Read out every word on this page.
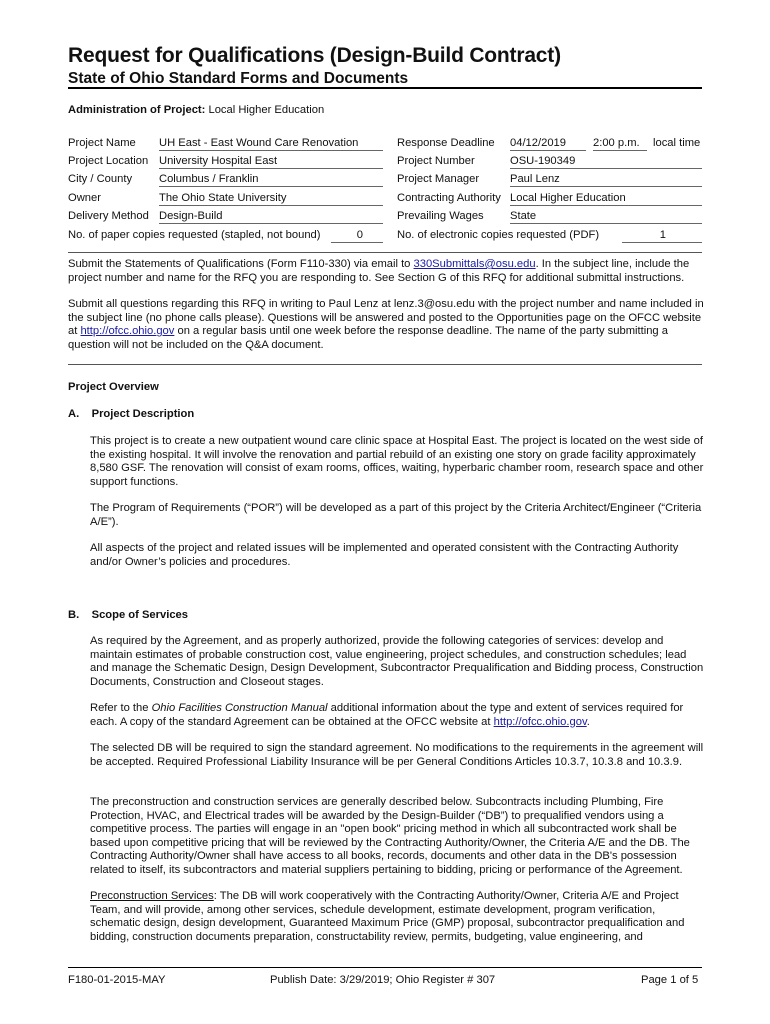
Request for Qualifications (Design-Build Contract)
State of Ohio Standard Forms and Documents
Administration of Project: Local Higher Education
Project Name UH East - East Wound Care Renovation
Project Location University Hospital East
City / County Columbus / Franklin
Owner	The Ohio State University
Delivery Method Design-Build
No. of paper copies requested (stapled, not bound)	0
Response Deadline 04/12/2019	2:00 p.m.	local time
Project Number	OSU-190349
Project Manager	Paul Lenz
Contracting Authority Local Higher Education
Prevailing Wages State
No. of electronic copies requested (PDF)	1
Submit the Statements of Qualifications (Form F110-330) via email to 330Submittals@osu.edu. In the subject line, include the project number and name for the RFQ you are responding to. See Section G of this RFQ for additional submittal instructions.
Submit all questions regarding this RFQ in writing to Paul Lenz at lenz.3@osu.edu with the project number and name included in the subject line (no phone calls please). Questions will be answered and posted to the Opportunities page on the OFCC website at http://ofcc.ohio.gov on a regular basis until one week before the response deadline. The name of the party submitting a question will not be included on the Q&A document.
Project Overview
A.    Project Description
This project is to create a new outpatient wound care clinic space at Hospital East. The project is located on the west side of the existing hospital. It will involve the renovation and partial rebuild of an existing one story on grade facility approximately 8,580 GSF. The renovation will consist of exam rooms, offices, waiting, hyperbaric chamber room, research space and other support functions.
The Program of Requirements (“POR”) will be developed as a part of this project by the Criteria Architect/Engineer (“Criteria A/E”).
All aspects of the project and related issues will be implemented and operated consistent with the Contracting Authority and/or Owner’s policies and procedures.
B.    Scope of Services
As required by the Agreement, and as properly authorized, provide the following categories of services: develop and maintain estimates of probable construction cost, value engineering, project schedules, and construction schedules; lead and manage the Schematic Design, Design Development, Subcontractor Prequalification and Bidding process, Construction Documents, Construction and Closeout stages.
Refer to the Ohio Facilities Construction Manual additional information about the type and extent of services required for each. A copy of the standard Agreement can be obtained at the OFCC website at http://ofcc.ohio.gov.
The selected DB will be required to sign the standard agreement. No modifications to the requirements in the agreement will be accepted. Required Professional Liability Insurance will be per General Conditions Articles 10.3.7, 10.3.8 and 10.3.9.
The preconstruction and construction services are generally described below. Subcontracts including Plumbing, Fire Protection, HVAC, and Electrical trades will be awarded by the Design-Builder (“DB”) to prequalified vendors using a competitive process. The parties will engage in an "open book" pricing method in which all subcontracted work shall be based upon competitive pricing that will be reviewed by the Contracting Authority/Owner, the Criteria A/E and the DB. The Contracting Authority/Owner shall have access to all books, records, documents and other data in the DB's possession related to itself, its subcontractors and material suppliers pertaining to bidding, pricing or performance of the Agreement.
Preconstruction Services: The DB will work cooperatively with the Contracting Authority/Owner, Criteria A/E and Project Team, and will provide, among other services, schedule development, estimate development, program verification, schematic design, design development, Guaranteed Maximum Price (GMP) proposal, subcontractor prequalification and bidding, construction documents preparation, constructability review, permits, budgeting, value engineering, and
F180-01-2015-MAY	Publish Date: 3/29/2019; Ohio Register # 307	Page 1 of 5
